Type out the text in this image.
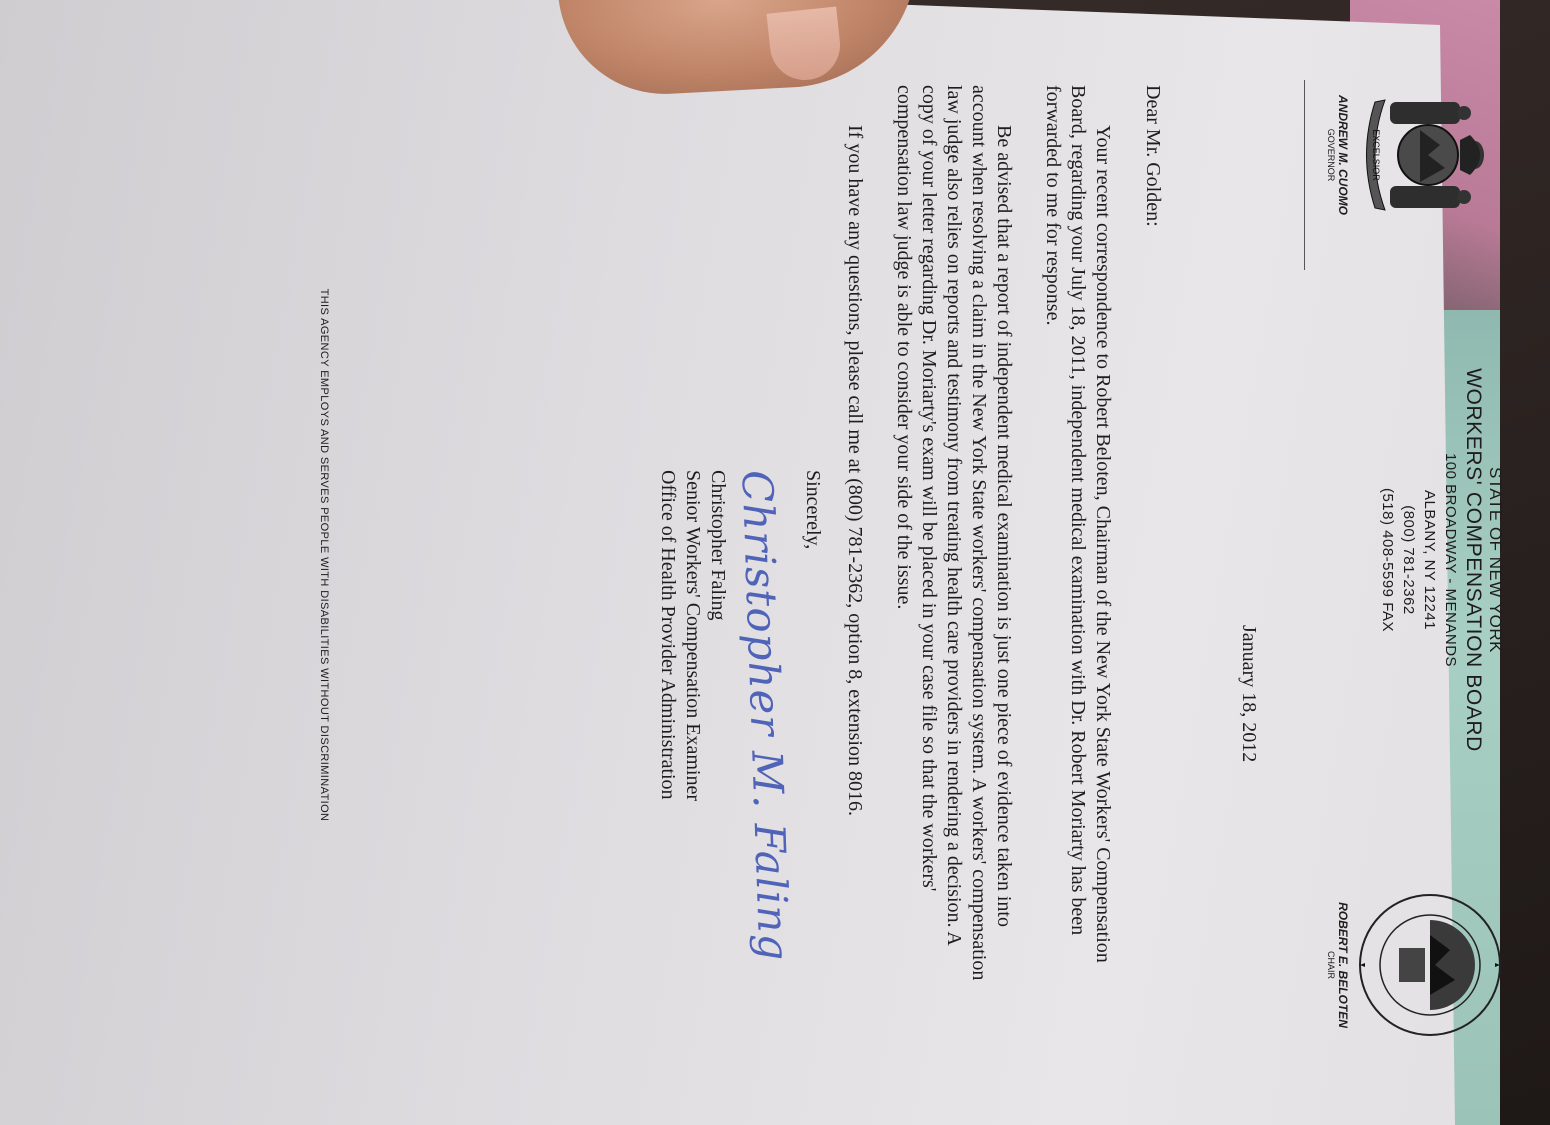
EXCELSIOR
ANDREW M. CUOMO
GOVERNOR
STATE OF NEW YORK
WORKERS' COMPENSATION BOARD
100 BROADWAY - MENANDS
ALBANY, NY 12241
(800) 781-2362
(518) 408-5599 FAX
ROBERT E. BELOTEN
CHAIR
January 18, 2012
Dear Mr. Golden:

Your recent correspondence to Robert Beloten, Chairman of the New York State Workers' Compensation Board, regarding your July 18, 2011, independent medical examination with Dr. Robert Moriarty has been forwarded to me for response.

Be advised that a report of independent medical examination is just one piece of evidence taken into account when resolving a claim in the New York State workers' compensation system. A workers' compensation law judge also relies on reports and testimony from treating health care providers in rendering a decision. A copy of your letter regarding Dr. Moriarty's exam will be placed in your case file so that the workers' compensation law judge is able to consider your side of the issue.

If you have any questions, please call me at (800) 781-2362, option 8, extension 8016.

Sincerely,
Christopher M. Faling
Christopher Faling
Senior Workers' Compensation Examiner
Office of Health Provider Administration
THIS AGENCY EMPLOYS AND SERVES PEOPLE WITH DISABILITIES WITHOUT DISCRIMINATION
